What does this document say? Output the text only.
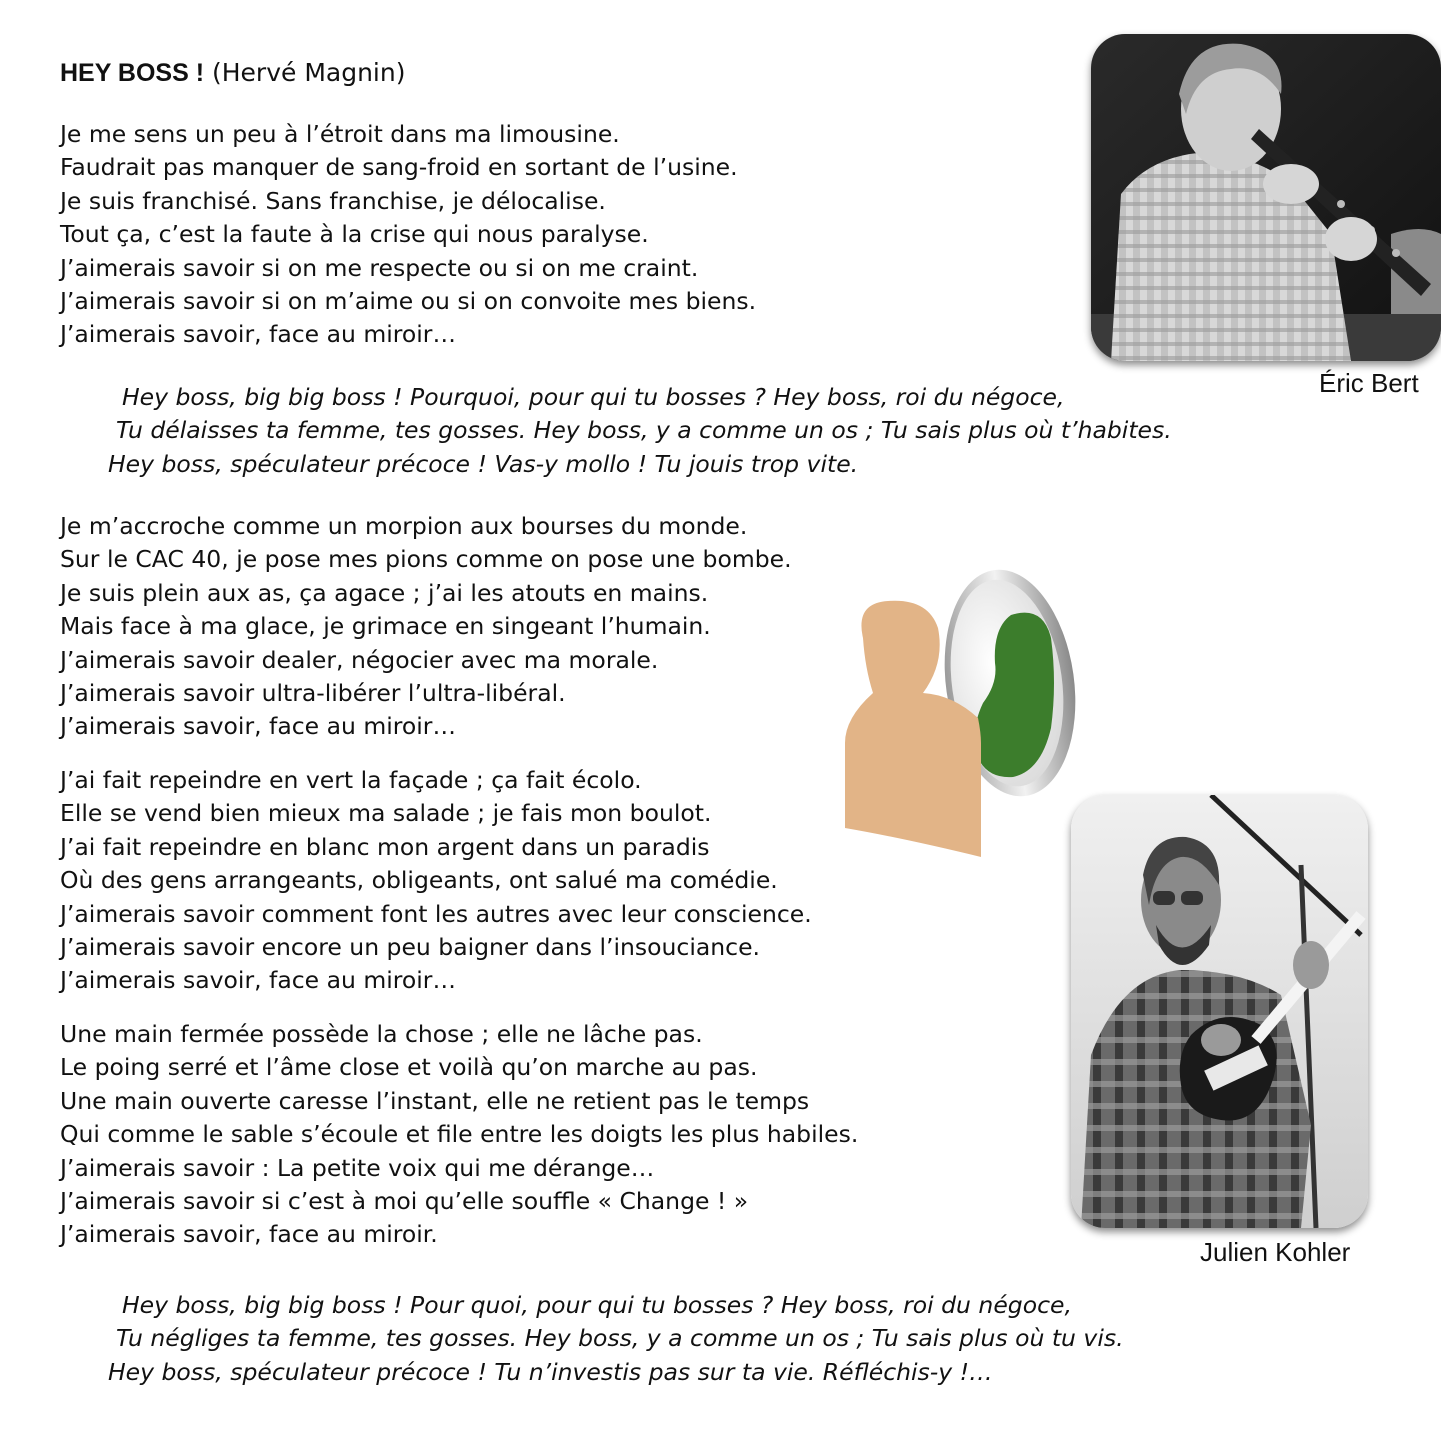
HEY BOSS ! (Hervé Magnin)
Je me sens un peu à l’étroit dans ma limousine.
Faudrait pas manquer de sang-froid en sortant de l’usine.
Je suis franchisé. Sans franchise, je délocalise.
Tout ça, c’est la faute à la crise qui nous paralyse.
J’aimerais savoir si on me respecte ou si on me craint.
J’aimerais savoir si on m’aime ou si on convoite mes biens.
J’aimerais savoir, face au miroir…
Hey boss, big big boss ! Pourquoi, pour qui tu bosses ? Hey boss, roi du négoce,
Tu délaisses ta femme, tes gosses. Hey boss, y a comme un os ; Tu sais plus où t’habites.
Hey boss, spéculateur précoce ! Vas-y mollo ! Tu jouis trop vite.
Je m’accroche comme un morpion aux bourses du monde.
Sur le CAC 40, je pose mes pions comme on pose une bombe.
Je suis plein aux as, ça agace ; j’ai les atouts en mains.
Mais face à ma glace, je grimace en singeant l’humain.
J’aimerais savoir dealer, négocier avec ma morale.
J’aimerais savoir ultra-libérer l’ultra-libéral.
J’aimerais savoir, face au miroir…
J’ai fait repeindre en vert la façade ; ça fait écolo.
Elle se vend bien mieux ma salade ; je fais mon boulot.
J’ai fait repeindre en blanc mon argent dans un paradis
Où des gens arrangeants, obligeants, ont salué ma comédie.
J’aimerais savoir comment font les autres avec leur conscience.
J’aimerais savoir encore un peu baigner dans l’insouciance.
J’aimerais savoir, face au miroir…
Une main fermée possède la chose ; elle ne lâche pas.
Le poing serré et l’âme close et voilà qu’on marche au pas.
Une main ouverte caresse l’instant, elle ne retient pas le temps
Qui comme le sable s’écoule et file entre les doigts les plus habiles.
J’aimerais savoir : La petite voix qui me dérange…
J’aimerais savoir si c’est à moi qu’elle souffle « Change ! »
J’aimerais savoir, face au miroir.
Hey boss, big big boss ! Pour quoi, pour qui tu bosses ? Hey boss, roi du négoce,
Tu négliges ta femme, tes gosses. Hey boss, y a comme un os ; Tu sais plus où tu vis.
Hey boss, spéculateur précoce ! Tu n’investis pas sur ta vie. Réfléchis-y !…
Éric Bert
Julien Kohler
